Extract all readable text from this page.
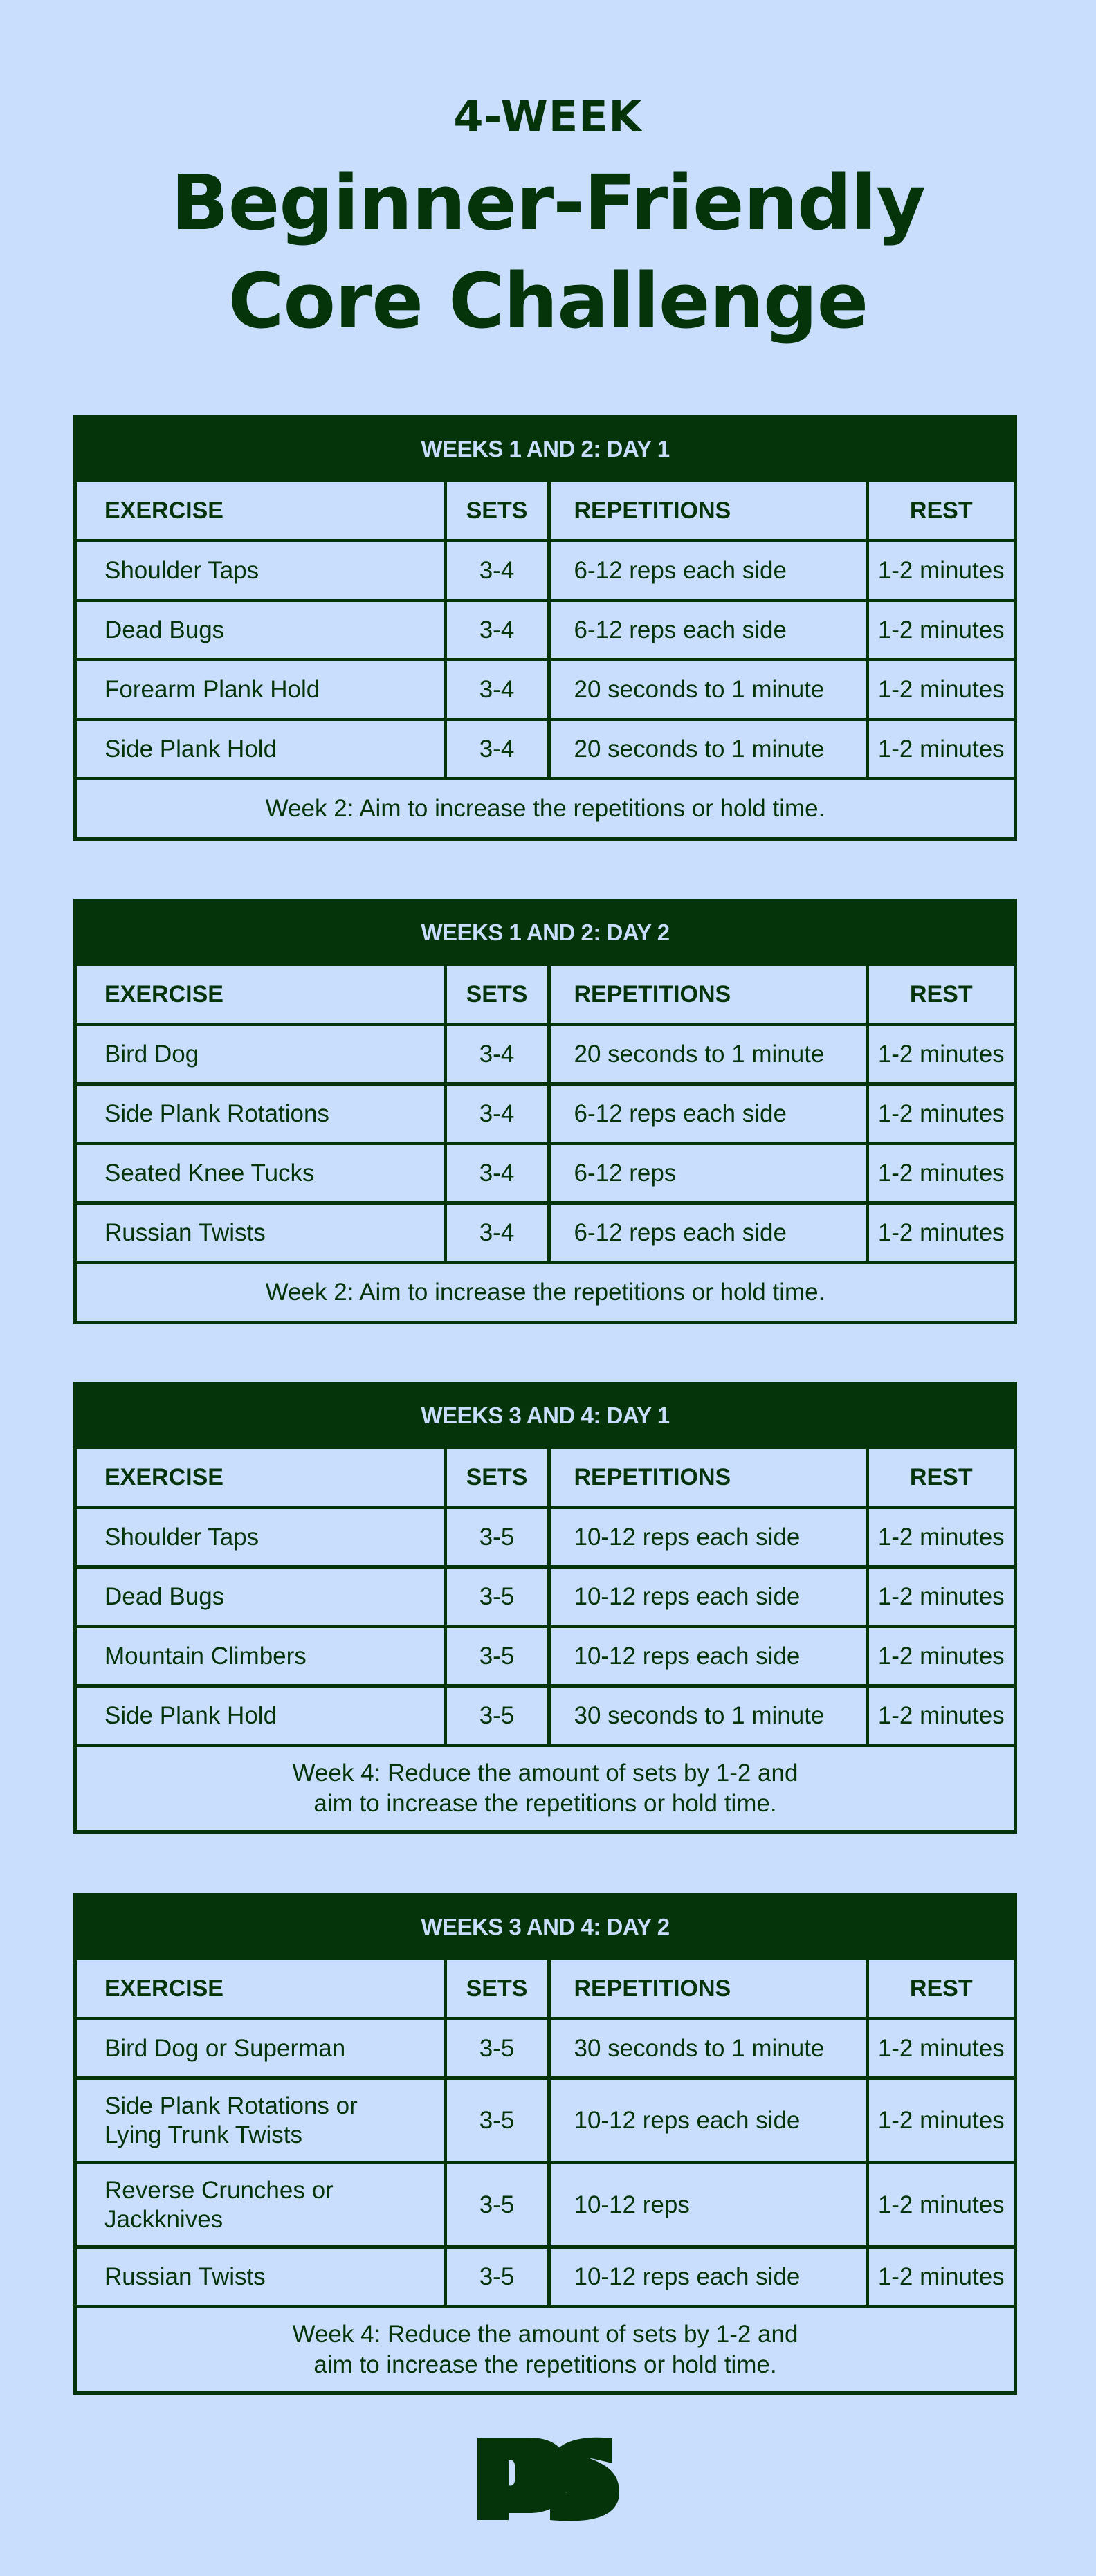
4-WEEK
Beginner-Friendly
Core Challenge
WEEKS 1 AND 2: DAY 1			
EXERCISE	SETS	REPETITIONS	REST

Shoulder Taps	3-4	6-12 reps each side	1-2 minutes

Dead Bugs	3-4	6-12 reps each side	1-2 minutes

Forearm Plank Hold	3-4	20 seconds to 1 minute	1-2 minutes

Side Plank Hold	3-4	20 seconds to 1 minute	1-2 minutes

Week 2: Aim to increase the repetitions or hold time.			
WEEKS 1 AND 2: DAY 2			
EXERCISE	SETS	REPETITIONS	REST

Bird Dog	3-4	20 seconds to 1 minute	1-2 minutes

Side Plank Rotations	3-4	6-12 reps each side	1-2 minutes

Seated Knee Tucks	3-4	6-12 reps	1-2 minutes

Russian Twists	3-4	6-12 reps each side	1-2 minutes

Week 2: Aim to increase the repetitions or hold time.			
WEEKS 3 AND 4: DAY 1			
EXERCISE	SETS	REPETITIONS	REST

Shoulder Taps	3-5	10-12 reps each side	1-2 minutes

Dead Bugs	3-5	10-12 reps each side	1-2 minutes

Mountain Climbers	3-5	10-12 reps each side	1-2 minutes

Side Plank Hold	3-5	30 seconds to 1 minute	1-2 minutes

Week 4: Reduce the amount of sets by 1-2 and
aim to increase the repetitions or hold time.			
WEEKS 3 AND 4: DAY 2			
EXERCISE	SETS	REPETITIONS	REST

Bird Dog or Superman	3-5	30 seconds to 1 minute	1-2 minutes

Side Plank Rotations or
Lying Trunk Twists	3-5	10-12 reps each side	1-2 minutes

Reverse Crunches or
Jackknives	3-5	10-12 reps	1-2 minutes

Russian Twists	3-5	10-12 reps each side	1-2 minutes

Week 4: Reduce the amount of sets by 1-2 and
aim to increase the repetitions or hold time.			
